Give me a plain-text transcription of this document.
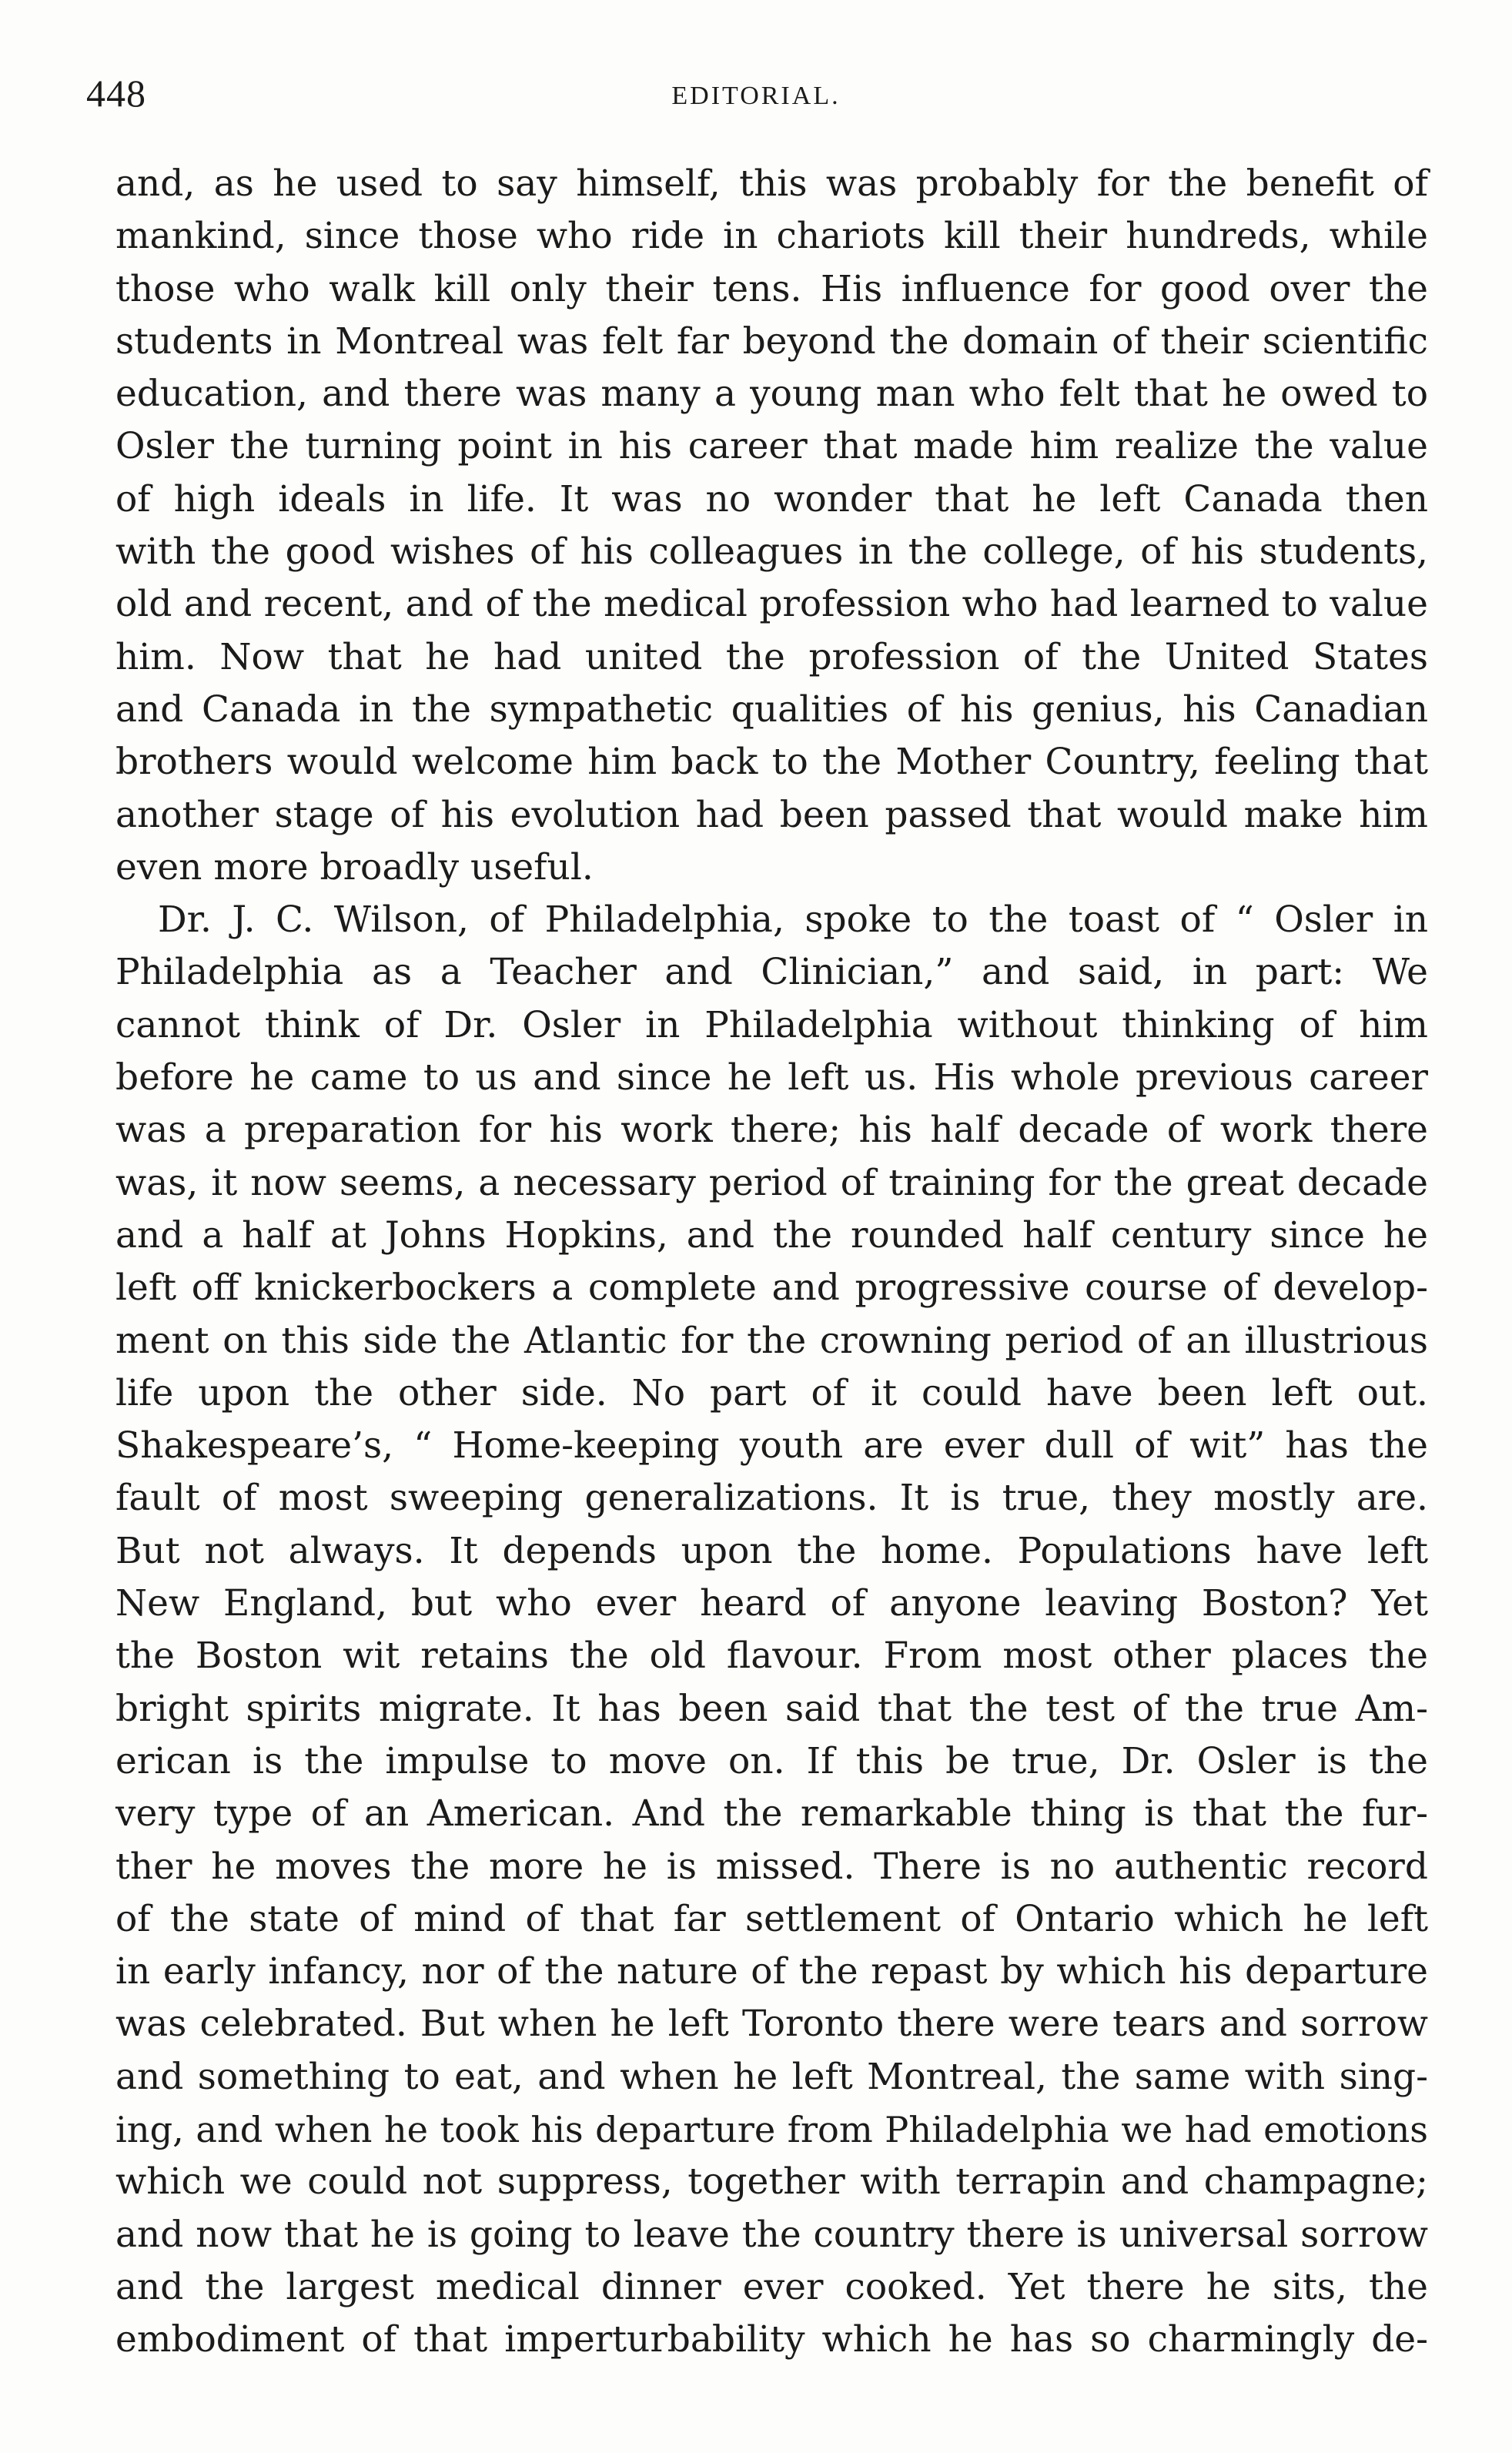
448	EDITORIAL.
and, as he used to say himself, this was probably for the benefit of
mankind, since those who ride in chariots kill their hundreds, while
those who walk kill only their tens. His influence for good over the
students in Montreal was felt far beyond the domain of their scientific
education, and there was many a young man who felt that he owed to
Osler the turning point in his career that made him realize the value
of high ideals in life. It was no wonder that he left Canada then
with the good wishes of his colleagues in the college, of his students,
old and recent, and of the medical profession who had learned to value
him. Now that he had united the profession of the United States
and Canada in the sympathetic qualities of his genius, his Canadian
brothers would welcome him back to the Mother Country, feeling that
another stage of his evolution had been passed that would make him
even more broadly useful.
Dr. J. C. Wilson, of Philadelphia, spoke to the toast of “ Osler in
Philadelphia as a Teacher and Clinician,” and said, in part: We
cannot think of Dr. Osler in Philadelphia without thinking of him
before he came to us and since he left us. His whole previous career
was a preparation for his work there; his half decade of work there
was, it now seems, a necessary period of training for the great decade
and a half at Johns Hopkins, and the rounded half century since he
left off knickerbockers a complete and progressive course of develop-
ment on this side the Atlantic for the crowning period of an illustrious
life upon the other side. No part of it could have been left out.
Shakespeare’s, “ Home-keeping youth are ever dull of wit” has the
fault of most sweeping generalizations. It is true, they mostly are.
But not always. It depends upon the home. Populations have left
New England, but who ever heard of anyone leaving Boston? Yet
the Boston wit retains the old flavour. From most other places the
bright spirits migrate. It has been said that the test of the true Am-
erican is the impulse to move on. If this be true, Dr. Osler is the
very type of an American. And the remarkable thing is that the fur-
ther he moves the more he is missed. There is no authentic record
of the state of mind of that far settlement of Ontario which he left
in early infancy, nor of the nature of the repast by which his departure
was celebrated. But when he left Toronto there were tears and sorrow
and something to eat, and when he left Montreal, the same with sing-
ing, and when he took his departure from Philadelphia we had emotions
which we could not suppress, together with terrapin and champagne;
and now that he is going to leave the country there is universal sorrow
and the largest medical dinner ever cooked. Yet there he sits, the
embodiment of that imperturbability which he has so charmingly de-
